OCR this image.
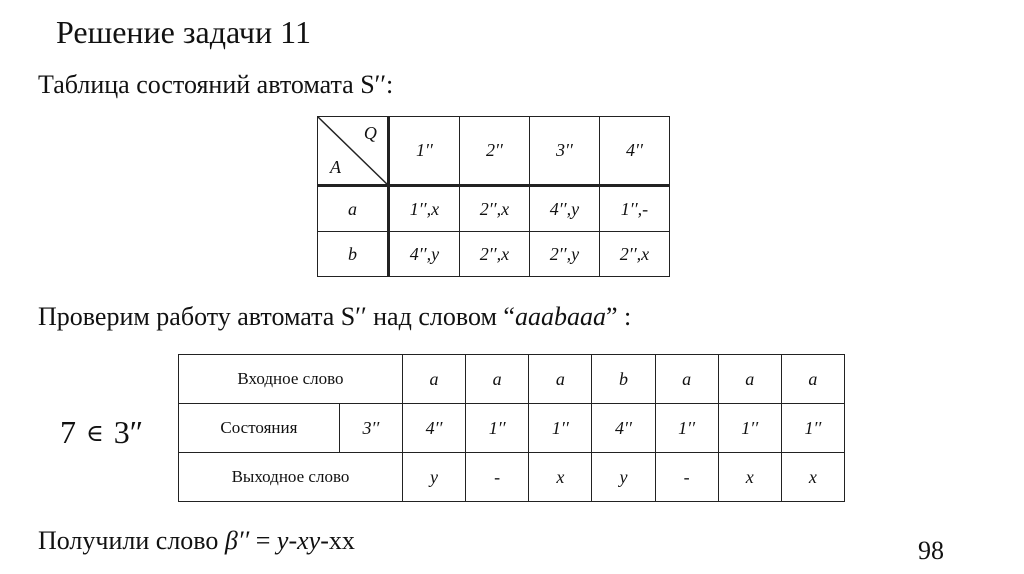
Решение задачи 11
Таблица состояний автомата S′′:
Q
A	1′′	2′′	3′′	4′′
a	1′′,x	2′′,x	4′′,y	1′′,-
b	4′′,y	2′′,x	2′′,y	2′′,x
Проверим работу автомата S′′ над словом “aaabaaa” :
7 ∈ 3″
Входное слово		a	a	a	b	a	a	a
Состояния	3′′	4′′	1′′	1′′	4′′	1′′	1′′	1′′
Выходное слово		y	-	x	y	-	x	x
Получили слово β′′ = y-xy-xx	98
